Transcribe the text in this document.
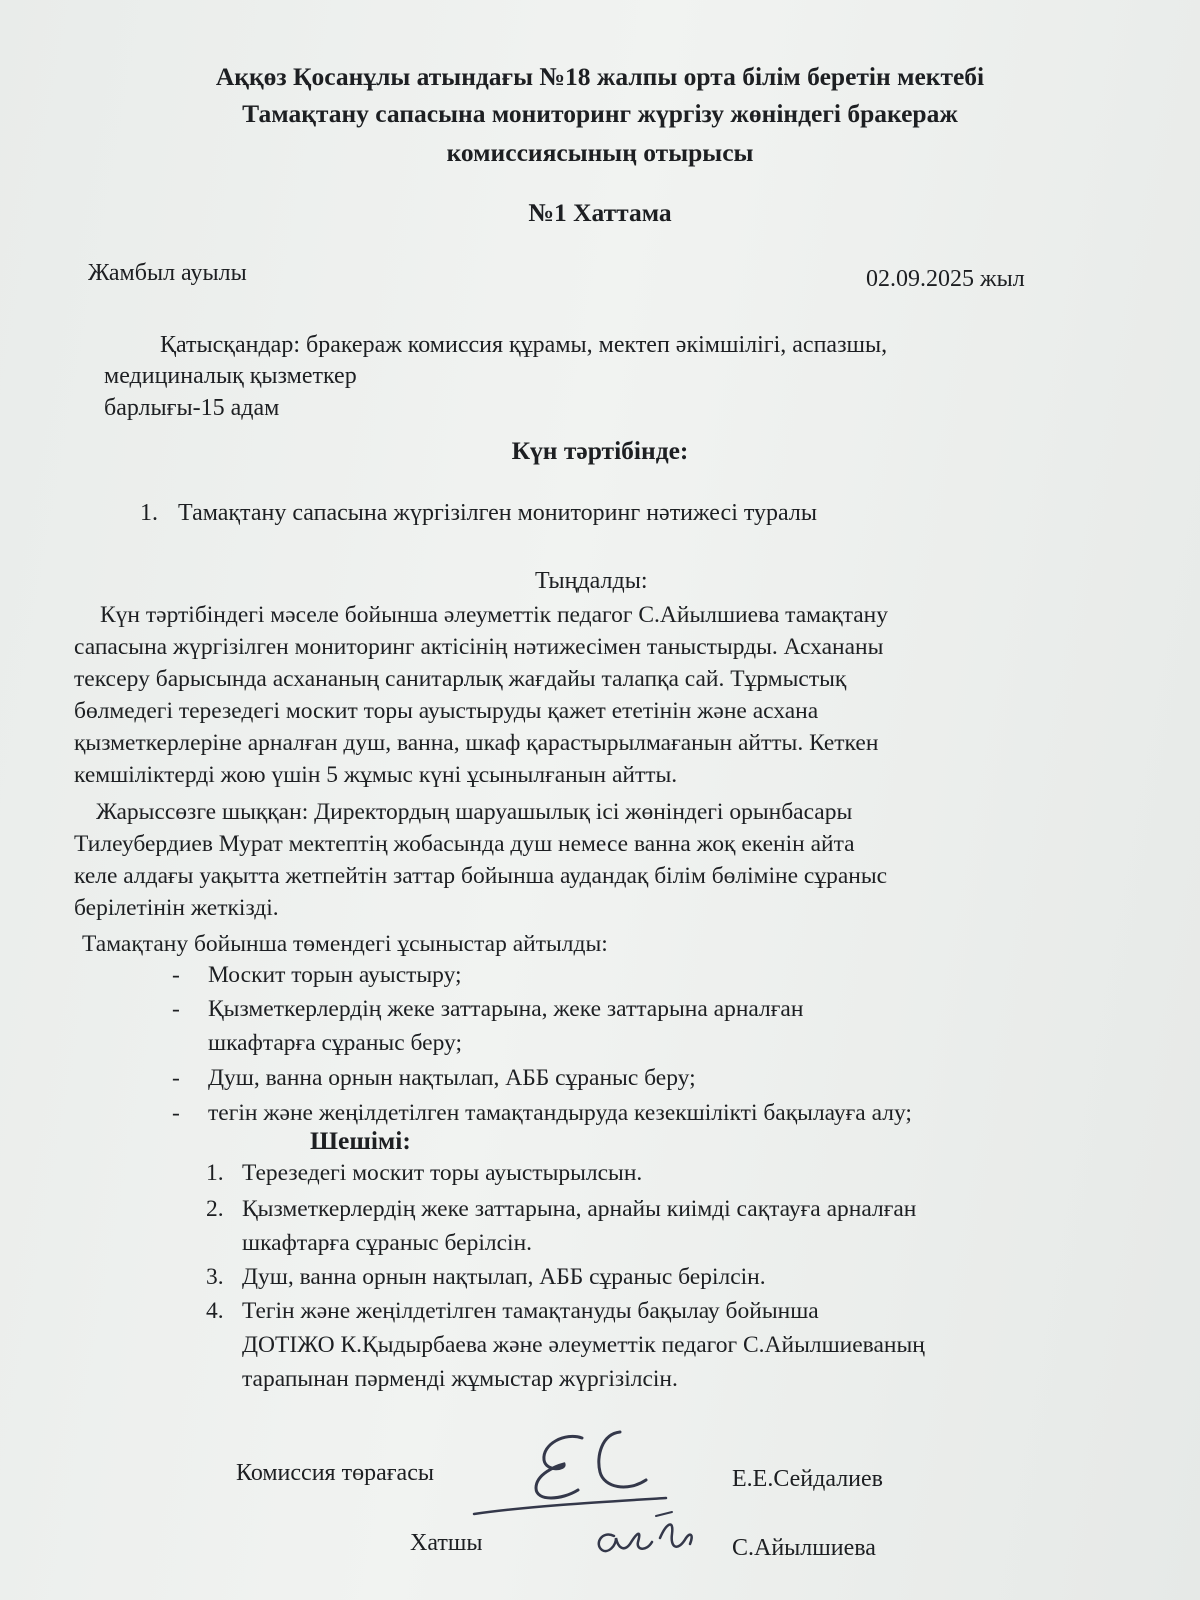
Аққөз Қосанұлы атындағы №18 жалпы орта білім беретін мектебі
Тамақтану сапасына мониторинг жүргізу жөніндегі бракераж
комиссиясының отырысы
№1 Хаттама
Жамбыл ауылы	02.09.2025 жыл
Қатысқандар: бракераж комиссия құрамы, мектеп әкімшілігі, аспазшы,
медициналық қызметкер
барлығы-15 адам
Күн тәртібінде:
1. Тамақтану сапасына жүргізілген мониторинг нәтижесі туралы
Тыңдалды:
Күн тәртібіндегі мәселе бойынша әлеуметтік педагог С.Айылшиева тамақтану
сапасына жүргізілген мониторинг актісінің нәтижесімен таныстырды. Асхананы
тексеру барысында асхананың санитарлық жағдайы талапқа сай. Тұрмыстық
бөлмедегі терезедегі москит торы ауыстыруды қажет ететінін және асхана
қызметкерлеріне арналған душ, ванна, шкаф қарастырылмағанын айтты. Кеткен
кемшіліктерді жою үшін 5 жұмыс күні ұсынылғанын айтты.
Жарыссөзге шыққан: Директордың шаруашылық ісі жөніндегі орынбасары
Тилеубердиев Мурат мектептің жобасында душ немесе ванна жоқ екенін айта
келе алдағы уақытта жетпейтін заттар бойынша аудандақ білім бөліміне сұраныс
берілетінін жеткізді.
Тамақтану бойынша төмендегі ұсыныстар айтылды:
- Москит торын ауыстыру;
- Қызметкерлердің жеке заттарына, жеке заттарына арналған
шкафтарға сұраныс беру;
- Душ, ванна орнын нақтылап, АББ сұраныс беру;
- тегін және жеңілдетілген тамақтандыруда кезекшілікті бақылауға алу;
Шешімі:
1. Терезедегі москит торы ауыстырылсын.
2. Қызметкерлердің жеке заттарына, арнайы киімді сақтауға арналған
шкафтарға сұраныс берілсін.
3. Душ, ванна орнын нақтылап, АББ сұраныс берілсін.
4. Тегін және жеңілдетілген тамақтануды бақылау бойынша
ДОТІЖО К.Қыдырбаева және әлеуметтік педагог С.Айылшиеваның
тарапынан пәрменді жұмыстар жүргізілсін.
Комиссия төрағасы	Е.Е.Сейдалиев
Хатшы	С.Айылшиева
